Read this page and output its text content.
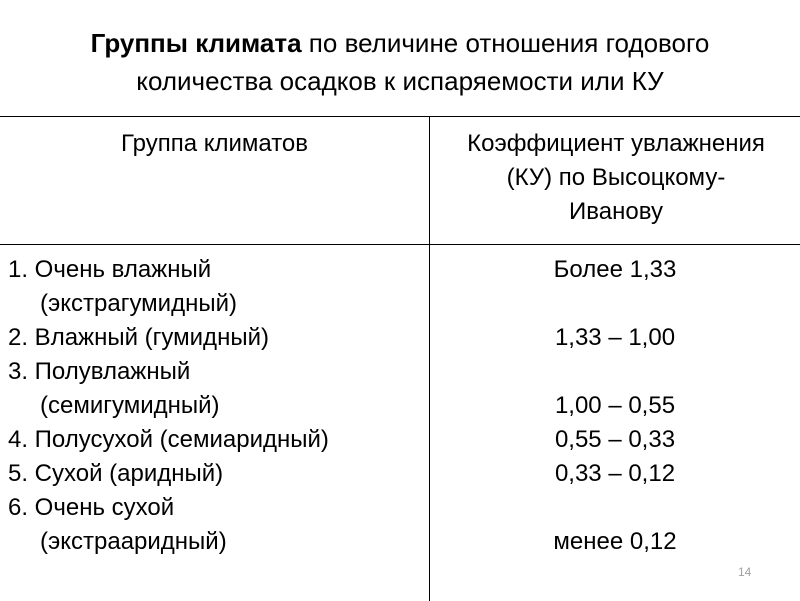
Группы климата по величине отношения годового
количества осадков к испаряемости или КУ
Группа климатов	Коэффициент увлажнения
(КУ) по Высоцкому-
Иванову
1. Очень влажный
(экстрагумидный)
2. Влажный (гумидный)
3. Полувлажный
(семигумидный)
4. Полусухой (семиаридный)
5. Сухой (аридный)
6. Очень сухой
(экстрааридный)
Более 1,33
1,33 – 1,00
1,00 – 0,55
0,55 – 0,33
0,33 – 0,12
менее 0,12
14
